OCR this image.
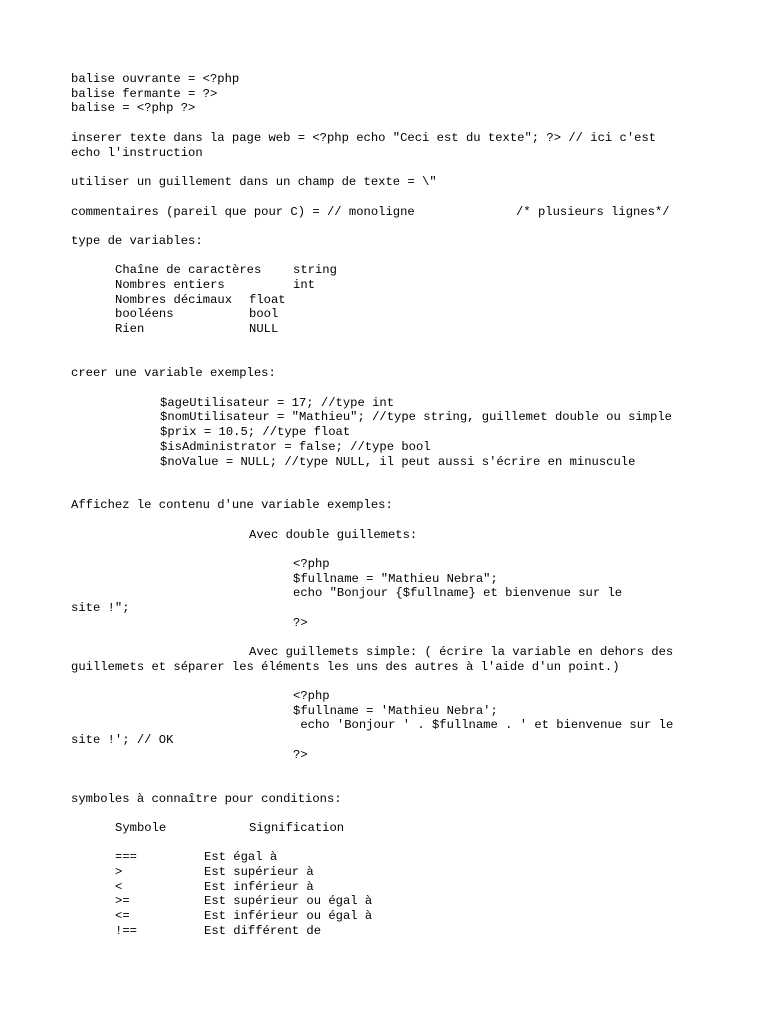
balise ouvrante = <?php
balise fermante = ?>
balise = <?php ?>
inserer texte dans la page web = <?php echo "Ceci est du texte"; ?> // ici c'est
echo l'instruction
utiliser un guillement dans un champ de texte = \"
commentaires (pareil que pour C) = // monoligne	/* plusieurs lignes*/
type de variables:
Chaîne de caractères	string
Nombres entiers	int
Nombres décimaux float
booléens	bool
Rien	NULL
creer une variable exemples:
$ageUtilisateur = 17; //type int
$nomUtilisateur = "Mathieu"; //type string, guillemet double ou simple
$prix = 10.5; //type float
$isAdministrator = false; //type bool
$noValue = NULL; //type NULL, il peut aussi s'écrire en minuscule
Affichez le contenu d'une variable exemples:
Avec double guillemets:
<?php
$fullname = "Mathieu Nebra";
echo "Bonjour {$fullname} et bienvenue sur le
site !";
?>
Avec guillemets simple: ( écrire la variable en dehors des
guillemets et séparer les éléments les uns des autres à l'aide d'un point.)
<?php
$fullname = 'Mathieu Nebra';
echo 'Bonjour ' . $fullname . ' et bienvenue sur le
site !'; // OK
?>
symboles à connaître pour conditions:
Symbole	Signification
===	Est égal à
>	Est supérieur à
<	Est inférieur à
>=	Est supérieur ou égal à
<=	Est inférieur ou égal à
!==	Est différent de
